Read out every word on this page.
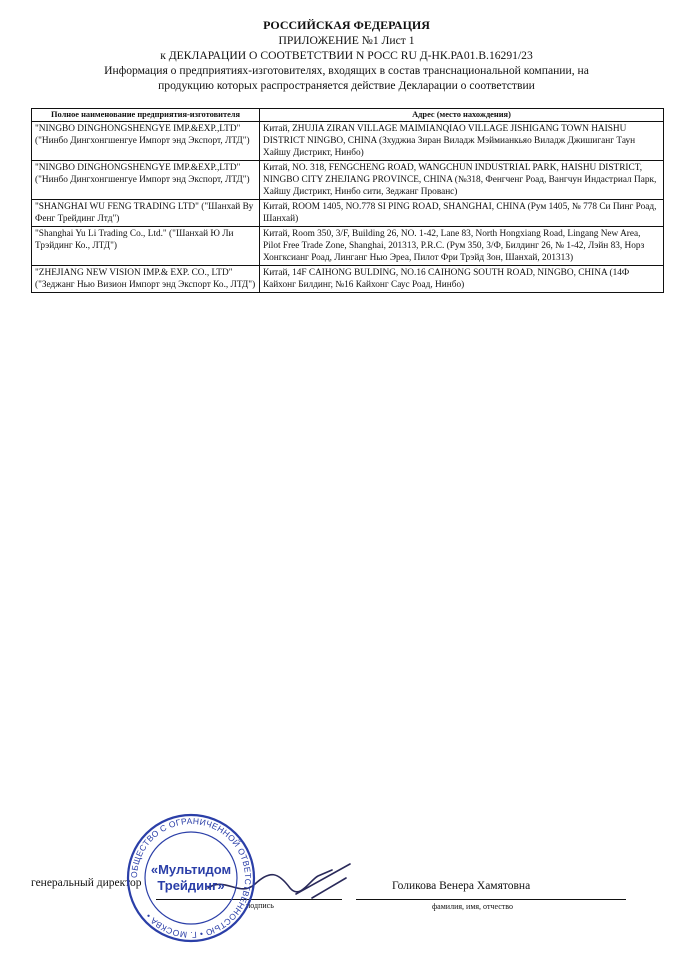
РОССИЙСКАЯ ФЕДЕРАЦИЯ
ПРИЛОЖЕНИЕ №1 Лист 1
к ДЕКЛАРАЦИИ О СООТВЕТСТВИИ N РОСС RU Д-НК.РА01.В.16291/23
Информация о предприятиях-изготовителях, входящих в состав транснациональной компании, на
продукцию которых распространяется действие Декларации о соответствии
Полное наименование предприятия-изготовителя	Адрес (место нахождения)
"NINGBO DINGHONGSHENGYE IMP.&EXP.,LTD" ("Нинбо Дингхонгшенгуе Импорт энд Экспорт, ЛТД")	Китай, ZHUJIA ZIRAN VILLAGE MAIMIANQIAO VILLAGE JISHIGANG TOWN HAISHU DISTRICT NINGBO, CHINA (Зхуджиа Зиран Виладж Мэймианкьяо Виладж Джишиганг Таун Хайшу Дистрикт, Нинбо)
"NINGBO DINGHONGSHENGYE IMP.&EXP.,LTD" ("Нинбо Дингхонгшенгуе Импорт энд Экспорт, ЛТД")	Китай, NO. 318, FENGCHENG ROAD, WANGCHUN INDUSTRIAL PARK, HAISHU DISTRICT, NINGBO CITY ZHEJIANG PROVINCE, CHINA (№318, Фенгченг Роад, Вангчун Индастриал Парк, Хайшу Дистрикт, Нинбо сити, Зеджанг Прованс)
"SHANGHAI WU FENG TRADING LTD" ("Шанхай Ву Фенг Трейдинг Лтд")	Китай, ROOM 1405, NO.778 SI PING ROAD, SHANGHAI, CHINA (Рум 1405, № 778 Си Пинг Роад, Шанхай)
"Shanghai Yu Li Trading Co., Ltd." ("Шанхай Ю Ли Трэйдинг Ко., ЛТД")	Китай, Room 350, 3/F, Building 26, NO. 1-42, Lane 83, North Hongxiang Road, Lingang New Area, Pilot Free Trade Zone, Shanghai, 201313, P.R.C. (Рум 350, 3/Ф, Билдинг 26, № 1-42, Лэйн 83, Норз Хонгксианг Роад, Линганг Нью Эреа, Пилот Фри Трэйд Зон, Шанхай, 201313)
"ZHEJIANG NEW VISION IMP.& EXP. CO., LTD" ("Зеджанг Нью Визион Импорт энд Экспорт Ко., ЛТД")	Китай, 14F CAIHONG BULDING, NO.16 CAIHONG SOUTH ROAD, NINGBO, CHINA (14Ф Кайхонг Билдинг, №16 Кайхонг Саус Роад, Нинбо)
генеральный директор	Голикова Венера Хамятовна
подпись	фамилия, имя, отчество
ОБЩЕСТВО С ОГРАНИЧЕННОЙ ОТВЕТСТВЕННОСТЬЮ • Г. МОСКВА •
«Мультидом
Трейдинг»
